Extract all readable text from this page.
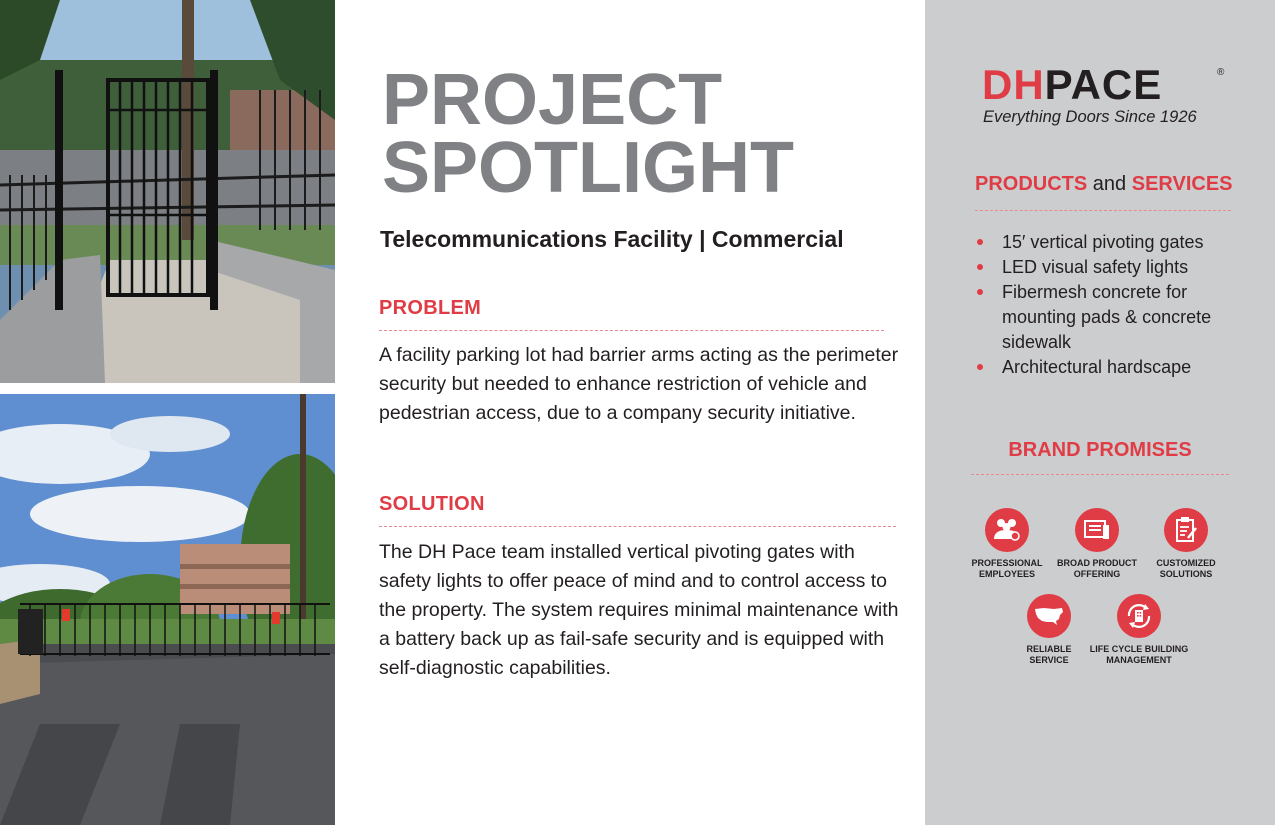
PROJECT
SPOTLIGHT
Telecommunications Facility | Commercial
PROBLEM

A facility parking lot had barrier arms acting as the perimeter security but needed to enhance restriction of vehicle and pedestrian access, due to a company security initiative.

SOLUTION

The DH Pace team installed vertical pivoting gates with safety lights to offer peace of mind and to control access to the property. The system requires minimal maintenance with a battery back up as fail-safe security and is equipped with self-diagnostic capabilities.

DHPACE	®
Everything Doors Since 1926
PRODUCTS and SERVICES
15′ vertical pivoting gates
LED visual safety lights
Fibermesh concrete for mounting pads & concrete sidewalk
Architectural hardscape
BRAND PROMISES
PROFESSIONAL
EMPLOYEES
BROAD PRODUCT
OFFERING
CUSTOMIZED
SOLUTIONS
RELIABLE
SERVICE
LIFE CYCLE BUILDING
MANAGEMENT
